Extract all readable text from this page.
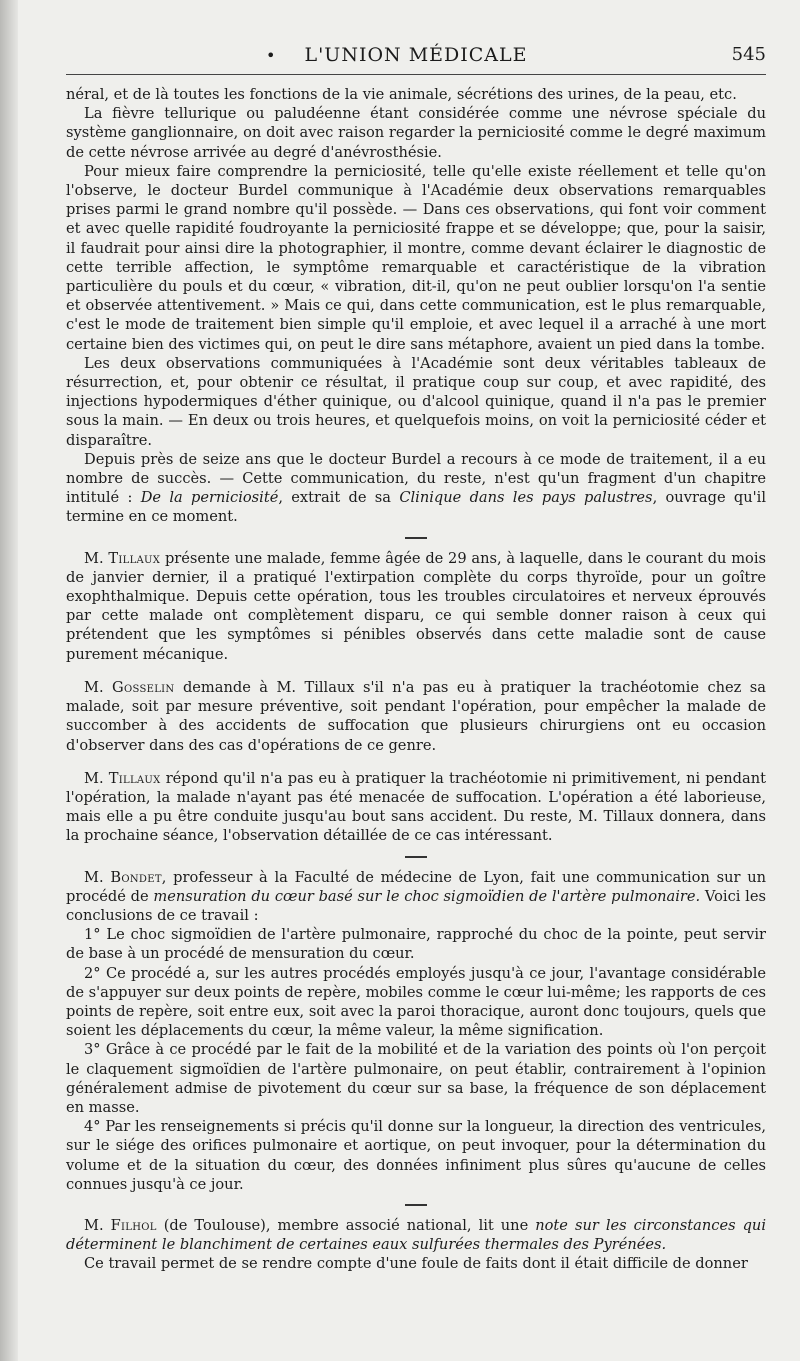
•	L'UNION MÉDICALE	545

néral, et de là toutes les fonctions de la vie animale, sécrétions des urines, de la peau, etc.

La fièvre tellurique ou paludéenne étant considérée comme une névrose spéciale du système ganglionnaire, on doit avec raison regarder la perniciosité comme le degré maximum de cette névrose arrivée au degré d'anévrosthésie.

Pour mieux faire comprendre la perniciosité, telle qu'elle existe réellement et telle qu'on l'observe, le docteur Burdel communique à l'Académie deux observations remarquables prises parmi le grand nombre qu'il possède. — Dans ces observations, qui font voir comment et avec quelle rapidité foudroyante la perniciosité frappe et se développe; que, pour la saisir, il faudrait pour ainsi dire la photographier, il montre, comme devant éclairer le diagnostic de cette terrible affection, le symptôme remarquable et caractéristique de la vibration particulière du pouls et du cœur, « vibration, dit-il, qu'on ne peut oublier lorsqu'on l'a sentie et observée attentivement. » Mais ce qui, dans cette communication, est le plus remarquable, c'est le mode de traitement bien simple qu'il emploie, et avec lequel il a arraché à une mort certaine bien des victimes qui, on peut le dire sans métaphore, avaient un pied dans la tombe.

Les deux observations communiquées à l'Académie sont deux véritables tableaux de résurrection, et, pour obtenir ce résultat, il pratique coup sur coup, et avec rapidité, des injections hypodermiques d'éther quinique, ou d'alcool quinique, quand il n'a pas le premier sous la main. — En deux ou trois heures, et quelquefois moins, on voit la perniciosité céder et disparaître.

Depuis près de seize ans que le docteur Burdel a recours à ce mode de traitement, il a eu nombre de succès. — Cette communication, du reste, n'est qu'un fragment d'un chapitre intitulé : De la perniciosité, extrait de sa Clinique dans les pays palustres, ouvrage qu'il termine en ce moment.

M. Tillaux présente une malade, femme âgée de 29 ans, à laquelle, dans le courant du mois de janvier dernier, il a pratiqué l'extirpation complète du corps thyroïde, pour un goître exophthalmique. Depuis cette opération, tous les troubles circulatoires et nerveux éprouvés par cette malade ont complètement disparu, ce qui semble donner raison à ceux qui prétendent que les symptômes si pénibles observés dans cette maladie sont de cause purement mécanique.

M. Gosselin demande à M. Tillaux s'il n'a pas eu à pratiquer la trachéotomie chez sa malade, soit par mesure préventive, soit pendant l'opération, pour empêcher la malade de succomber à des accidents de suffocation que plusieurs chirurgiens ont eu occasion d'observer dans des cas d'opérations de ce genre.

M. Tillaux répond qu'il n'a pas eu à pratiquer la trachéotomie ni primitivement, ni pendant l'opération, la malade n'ayant pas été menacée de suffocation. L'opération a été laborieuse, mais elle a pu être conduite jusqu'au bout sans accident. Du reste, M. Tillaux donnera, dans la prochaine séance, l'observation détaillée de ce cas intéressant.

M. Bondet, professeur à la Faculté de médecine de Lyon, fait une communication sur un procédé de mensuration du cœur basé sur le choc sigmoïdien de l'artère pulmonaire. Voici les conclusions de ce travail :

1° Le choc sigmoïdien de l'artère pulmonaire, rapproché du choc de la pointe, peut servir de base à un procédé de mensuration du cœur.

2° Ce procédé a, sur les autres procédés employés jusqu'à ce jour, l'avantage considérable de s'appuyer sur deux points de repère, mobiles comme le cœur lui-même; les rapports de ces points de repère, soit entre eux, soit avec la paroi thoracique, auront donc toujours, quels que soient les déplacements du cœur, la même valeur, la même signification.

3° Grâce à ce procédé par le fait de la mobilité et de la variation des points où l'on perçoit le claquement sigmoïdien de l'artère pulmonaire, on peut établir, contrairement à l'opinion généralement admise de pivotement du cœur sur sa base, la fréquence de son déplacement en masse.

4° Par les renseignements si précis qu'il donne sur la longueur, la direction des ventricules, sur le siége des orifices pulmonaire et aortique, on peut invoquer, pour la détermination du volume et de la situation du cœur, des données infiniment plus sûres qu'aucune de celles connues jusqu'à ce jour.

M. Filhol (de Toulouse), membre associé national, lit une note sur les circonstances qui déterminent le blanchiment de certaines eaux sulfurées thermales des Pyrénées.

Ce travail permet de se rendre compte d'une foule de faits dont il était difficile de donner
